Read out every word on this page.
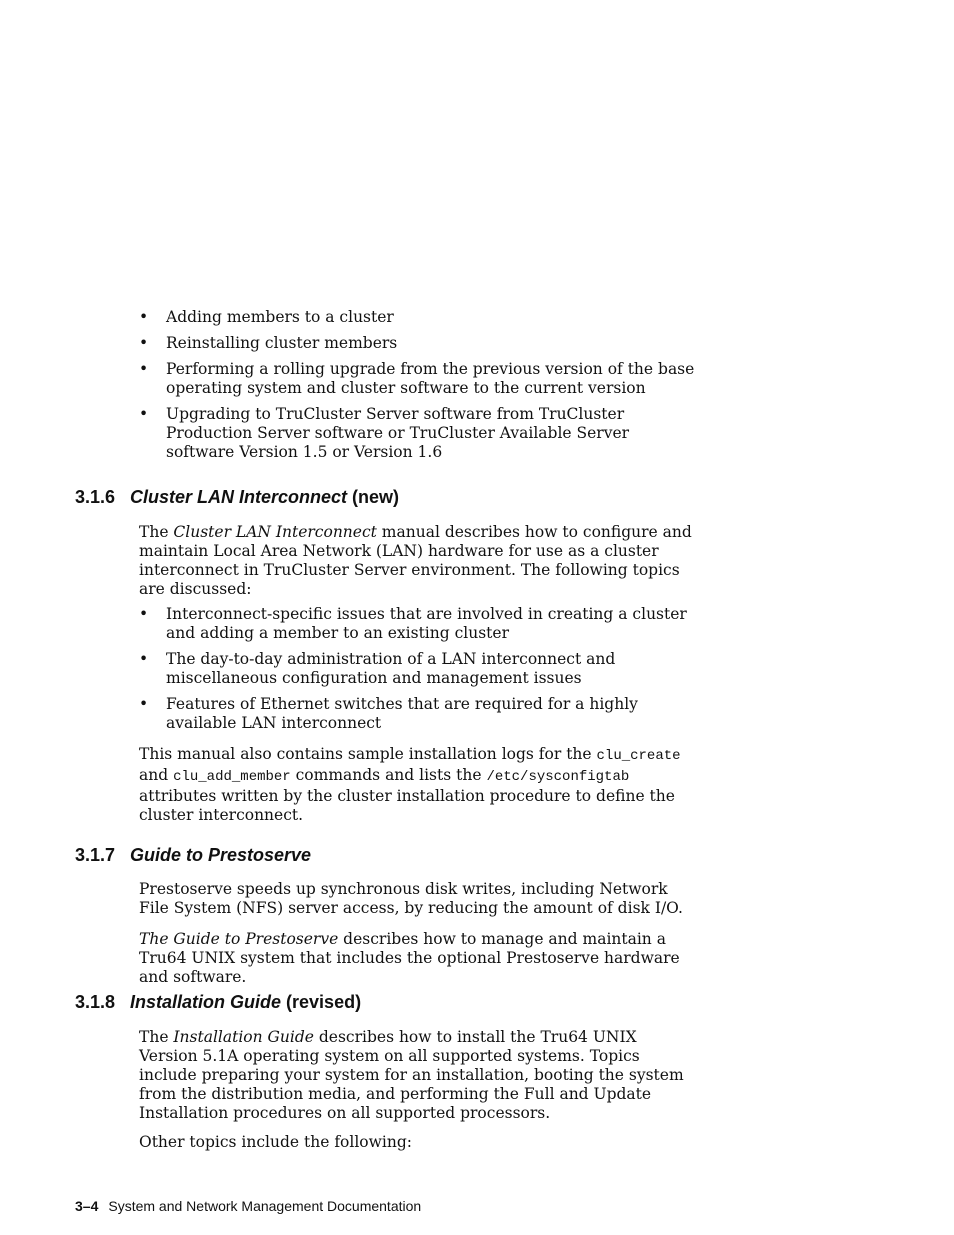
• Adding members to a cluster
• Reinstalling cluster members
• Performing a rolling upgrade from the previous version of the base operating system and cluster software to the current version
• Upgrading to TruCluster Server software from TruCluster Production Server software or TruCluster Available Server software Version 1.5 or Version 1.6
3.1.6 Cluster LAN Interconnect (new)

The Cluster LAN Interconnect manual describes how to configure and maintain Local Area Network (LAN) hardware for use as a cluster interconnect in TruCluster Server environment. The following topics are discussed:

• Interconnect-specific issues that are involved in creating a cluster and adding a member to an existing cluster
• The day-to-day administration of a LAN interconnect and miscellaneous configuration and management issues
• Features of Ethernet switches that are required for a highly available LAN interconnect

This manual also contains sample installation logs for the clu_create and clu_add_member commands and lists the /etc/sysconfigtab attributes written by the cluster installation procedure to define the cluster interconnect.

3.1.7 Guide to Prestoserve

Prestoserve speeds up synchronous disk writes, including Network File System (NFS) server access, by reducing the amount of disk I/O.

The Guide to Prestoserve describes how to manage and maintain a Tru64 UNIX system that includes the optional Prestoserve hardware and software.

3.1.8 Installation Guide (revised)

The Installation Guide describes how to install the Tru64 UNIX Version 5.1A operating system on all supported systems. Topics include preparing your system for an installation, booting the system from the distribution media, and performing the Full and Update Installation procedures on all supported processors.

Other topics include the following:

3–4 System and Network Management Documentation
